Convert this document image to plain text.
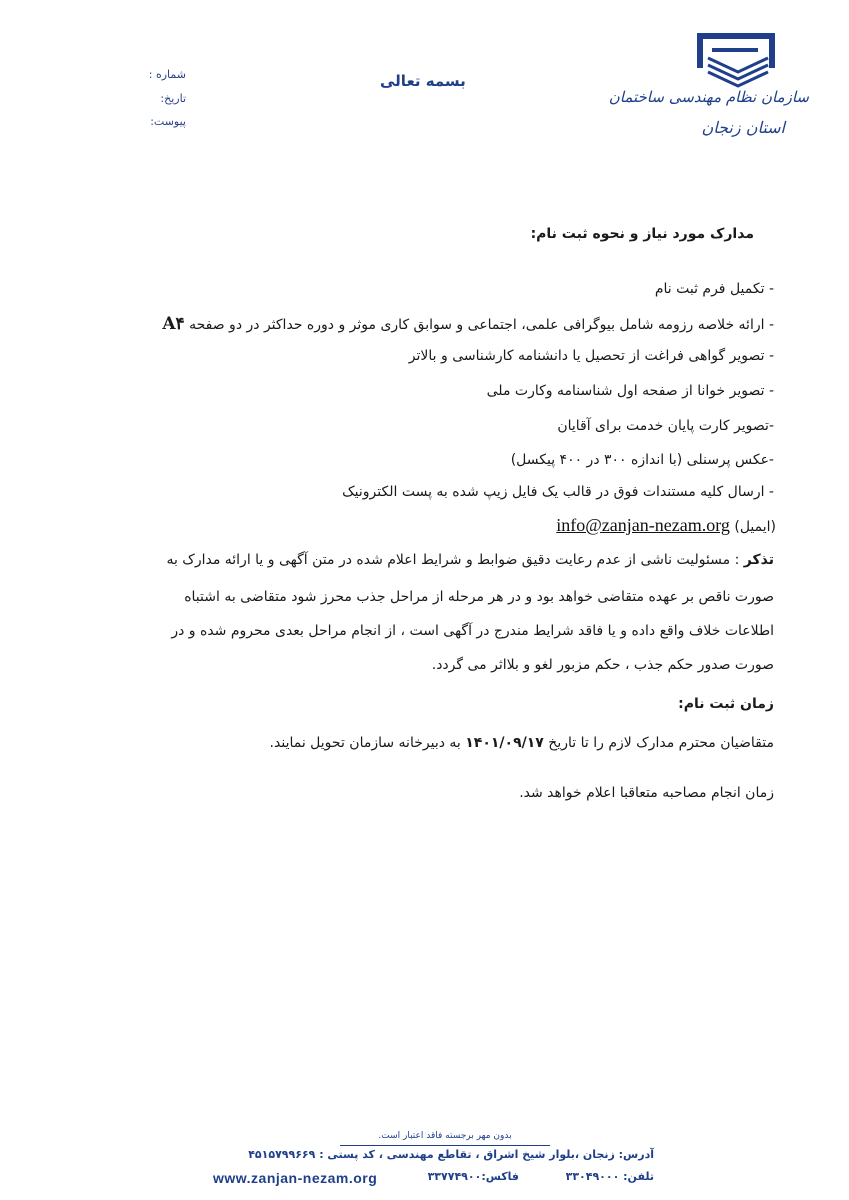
سازمان نظام مهندسی ساختمان
استان زنجان
بسمه تعالی
شماره :
تاریخ:
پیوست:
مدارک مورد نیاز و نحوه ثبت نام:
- تکمیل فرم ثبت نام
- ارائه خلاصه رزومه شامل بیوگرافی علمی، اجتماعی و سوابق کاری موثر و دوره حداکثر در دو صفحه A۴
- تصویر گواهی فراغت از تحصیل یا دانشنامه کارشناسی و بالاتر
- تصویر خوانا از صفحه اول شناسنامه وکارت ملی
-تصویر کارت پایان خدمت برای آقایان
-عکس پرسنلی (با اندازه ۳۰۰ در ۴۰۰ پیکسل)
- ارسال کلیه مستندات فوق در قالب یک فایل زیپ شده به پست الکترونیک
(ایمیل) info@zanjan-nezam.org
تذکر : مسئولیت ناشی از عدم رعایت دقیق ضوابط و شرایط اعلام شده در متن آگهی و یا ارائه مدارک به
صورت ناقص بر عهده متقاضی خواهد بود و در هر مرحله از مراحل جذب محرز شود متقاضی به اشتباه
اطلاعات خلاف واقع داده و یا فاقد شرایط مندرج در آگهی است ، از انجام مراحل بعدی محروم شده و در
صورت صدور حکم جذب ، حکم مزبور لغو و بلااثر می گردد.
زمان ثبت نام:
متقاضیان محترم مدارک لازم را تا تاریخ ۱۴۰۱/۰۹/۱۷ به دبیرخانه سازمان تحویل نمایند.
زمان انجام مصاحبه متعاقبا اعلام خواهد شد.
بدون مهر برجسته فاقد اعتبار است.
آدرس: زنجان ،بلوار شیخ اشراق ، تقاطع مهندسی ، کد پستی : ۴۵۱۵۷۹۹۶۶۹
تلفن: ۳۳۰۴۹۰۰۰
فاکس:۳۳۷۷۴۹۰۰
www.zanjan-nezam.org
